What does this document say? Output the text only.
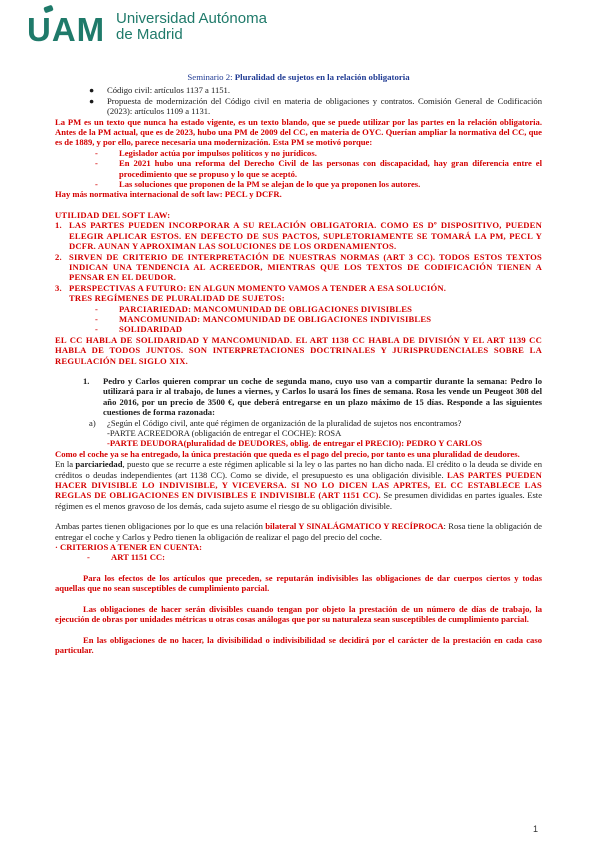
UAM Universidad Autónoma
de Madrid
Seminario 2: Pluralidad de sujetos en la relación obligatoria
●	Código civil: artículos 1137 a 1151.
●	Propuesta de modernización del Código civil en materia de obligaciones y contratos. Comisión General de Codificación (2023): artículos 1109 a 1131.

La PM es un texto que nunca ha estado vigente, es un texto blando, que se puede utilizar por las partes en la relación obligatoria. Antes de la PM actual, que es de 2023, hubo una PM de 2009 del CC, en materia de OYC. Querían ampliar la normativa del CC, que es de 1889, y por ello, parece necesaria una modernización. Esta PM se motivó porque:

-	Legislador actúa por impulsos políticos y no jurídicos.
-	En 2021 hubo una reforma del Derecho Civil de las personas con discapacidad, hay gran diferencia entre el procedimiento que se propuso y lo que se aceptó.
-	Las soluciones que proponen de la PM se alejan de lo que ya proponen los autores.

Hay más normativa internacional de soft law: PECL y DCFR.

UTILIDAD DEL SOFT LAW:

1. LAS PARTES PUEDEN INCORPORAR A SU RELACIÓN OBLIGATORIA. COMO ES Dº DISPOSITIVO, PUEDEN ELEGIR APLICAR ESTOS. EN DEFECTO DE SUS PACTOS, SUPLETORIAMENTE SE TOMARÁ LA PM, PECL Y DCFR. AUNAN Y APROXIMAN LAS SOLUCIONES DE LOS ORDENAMIENTOS.
2. SIRVEN DE CRITERIO DE INTERPRETACIÓN DE NUESTRAS NORMAS (ART 3 CC). TODOS ESTOS TEXTOS INDICAN UNA TENDENCIA AL ACREEDOR, MIENTRAS QUE LOS TEXTOS DE CODIFICACIÓN TIENEN A PENSAR EN EL DEUDOR.
3. PERSPECTIVAS A FUTURO: EN ALGUN MOMENTO VAMOS A TENDER A ESA SOLUCIÓN.

TRES REGÍMENES DE PLURALIDAD DE SUJETOS:

-	PARCIARIEDAD: MANCOMUNIDAD DE OBLIGACIONES DIVISIBLES
-	MANCOMUNIDAD: MANCOMUNIDAD DE OBLIGACIONES INDIVISIBLES
-	SOLIDARIDAD

EL CC HABLA DE SOLIDARIDAD Y MANCOMUNIDAD. EL ART 1138 CC HABLA DE DIVISIÓN Y EL ART 1139 CC HABLA DE TODOS JUNTOS. SON INTERPRETACIONES DOCTRINALES Y JURISPRUDENCIALES SOBRE LA REGULACIÓN DEL SIGLO XIX.

1.	Pedro y Carlos quieren comprar un coche de segunda mano, cuyo uso van a compartir durante la semana: Pedro lo utilizará para ir al trabajo, de lunes a viernes, y Carlos lo usará los fines de semana. Rosa les vende un Peugeot 308 del año 2016, por un precio de 3500 €, que deberá entregarse en un plazo máximo de 15 días. Responde a las siguientes cuestiones de forma razonada:
a)	¿Según el Código civil, ante qué régimen de organización de la pluralidad de sujetos nos encontramos?

-PARTE ACREEDORA (obligación de entregar el COCHE): ROSA

-PARTE DEUDORA(pluralidad de DEUDORES, oblig. de entregar el PRECIO): PEDRO Y CARLOS

Como el coche ya se ha entregado, la única prestación que queda es el pago del precio, por tanto es una pluralidad de deudores.

En la parciariedad, puesto que se recurre a este régimen aplicable si la ley o las partes no han dicho nada. El crédito o la deuda se divide en créditos o deudas independientes (art 1138 CC). Como se divide, el presupuesto es una obligación divisible. LAS PARTES PUEDEN HACER DIVISIBLE LO INDIVISIBLE, Y VICEVERSA. SI NO LO DICEN LAS APRTES, EL CC ESTABLECE LAS REGLAS DE OBLIGACIONES EN DIVISIBLES E INDIVISIBLE (ART 1151 CC). Se presumen divididas en partes iguales. Este régimen es el menos gravoso de los demás, cada sujeto asume el riesgo de su obligación divisible.

Ambas partes tienen obligaciones por lo que es una relación bilateral Y SINALÁGMATICO Y RECÍPROCA: Rosa tiene la obligación de entregar el coche y Carlos y Pedro tienen la obligación de realizar el pago del precio del coche.

· CRITERIOS A TENER EN CUENTA:

-	ART 1151 CC:

Para los efectos de los artículos que preceden, se reputarán indivisibles las obligaciones de dar cuerpos ciertos y todas aquellas que no sean susceptibles de cumplimiento parcial.

Las obligaciones de hacer serán divisibles cuando tengan por objeto la prestación de un número de días de trabajo, la ejecución de obras por unidades métricas u otras cosas análogas que por su naturaleza sean susceptibles de cumplimiento parcial.

En las obligaciones de no hacer, la divisibilidad o indivisibilidad se decidirá por el carácter de la prestación en cada caso particular.

1
